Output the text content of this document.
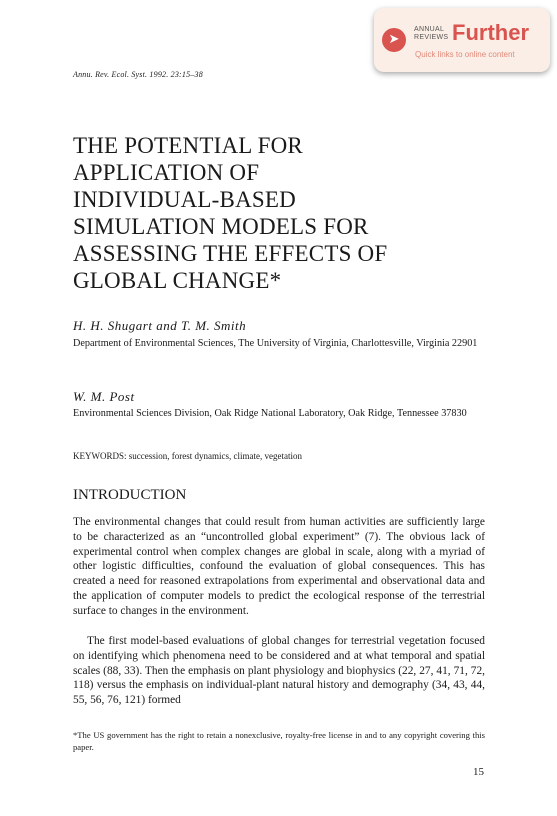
➤
ANNUAL
REVIEWS Further
Quick links to online content
Annu. Rev. Ecol. Syst. 1992. 23:15–38
THE POTENTIAL FOR
APPLICATION OF
INDIVIDUAL-BASED
SIMULATION MODELS FOR
ASSESSING THE EFFECTS OF
GLOBAL CHANGE*
H. H. Shugart and T. M. Smith
Department of Environmental Sciences, The University of Virginia, Charlottesville, Virginia 22901
W. M. Post
Environmental Sciences Division, Oak Ridge National Laboratory, Oak Ridge, Tennessee 37830
KEYWORDS: succession, forest dynamics, climate, vegetation
INTRODUCTION

The environmental changes that could result from human activities are sufficiently large to be characterized as an “uncontrolled global experiment” (7). The obvious lack of experimental control when complex changes are global in scale, along with a myriad of other logistic difficulties, confound the evaluation of global consequences. This has created a need for reasoned extrapolations from experimental and observational data and the application of computer models to predict the ecological response of the terrestrial surface to changes in the environment.

The first model-based evaluations of global changes for terrestrial vegetation focused on identifying which phenomena need to be considered and at what temporal and spatial scales (88, 33). Then the emphasis on plant physiology and biophysics (22, 27, 41, 71, 72, 118) versus the emphasis on individual-plant natural history and demography (34, 43, 44, 55, 56, 76, 121) formed

*The US government has the right to retain a nonexclusive, royalty-free license in and to any copyright covering this paper.
15
